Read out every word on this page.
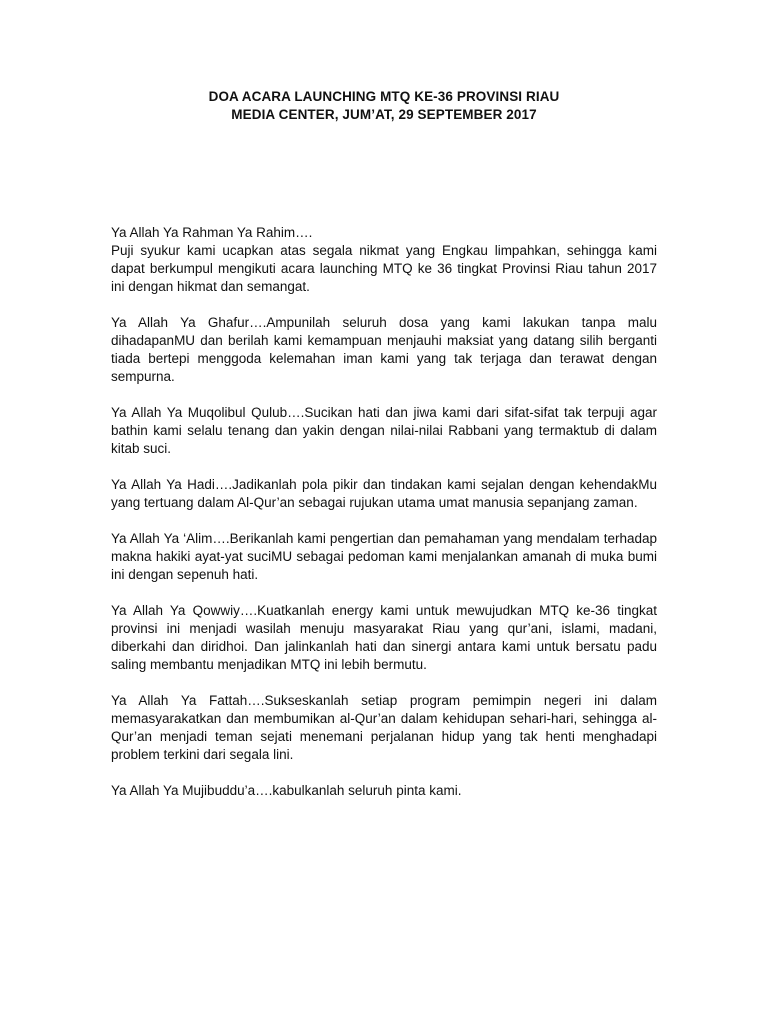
DOA ACARA LAUNCHING MTQ KE-36 PROVINSI RIAU
MEDIA CENTER, JUM’AT, 29 SEPTEMBER 2017

Ya Allah Ya Rahman Ya Rahim….

Puji syukur kami ucapkan atas segala nikmat yang Engkau limpahkan, sehingga kami dapat berkumpul mengikuti acara launching MTQ ke 36 tingkat Provinsi Riau tahun 2017 ini dengan hikmat dan semangat.

Ya Allah Ya Ghafur….Ampunilah seluruh dosa yang kami lakukan tanpa malu dihadapanMU dan berilah kami kemampuan menjauhi maksiat yang datang silih berganti tiada bertepi menggoda kelemahan iman kami yang tak terjaga dan terawat dengan sempurna.

Ya Allah Ya Muqolibul Qulub….Sucikan hati dan jiwa kami dari sifat-sifat tak terpuji agar bathin kami selalu tenang dan yakin dengan nilai-nilai Rabbani yang termaktub di dalam kitab suci.

Ya Allah Ya Hadi….Jadikanlah pola pikir dan tindakan kami sejalan dengan kehendakMu yang tertuang dalam Al-Qur’an sebagai rujukan utama umat manusia sepanjang zaman.

Ya Allah Ya ‘Alim….Berikanlah kami pengertian dan pemahaman yang mendalam terhadap makna hakiki ayat-yat suciMU sebagai pedoman kami menjalankan amanah di muka bumi ini dengan sepenuh hati.

Ya Allah Ya Qowwiy….Kuatkanlah energy kami untuk mewujudkan MTQ ke-36 tingkat provinsi ini menjadi wasilah menuju masyarakat Riau yang qur’ani, islami, madani, diberkahi dan diridhoi. Dan jalinkanlah hati dan sinergi antara kami untuk bersatu padu saling membantu menjadikan MTQ ini lebih bermutu.

Ya Allah Ya Fattah….Sukseskanlah setiap program pemimpin negeri ini dalam memasyarakatkan dan membumikan al-Qur’an dalam kehidupan sehari-hari, sehingga al-Qur’an menjadi teman sejati menemani perjalanan hidup yang tak henti menghadapi problem terkini dari segala lini.

Ya Allah Ya Mujibuddu’a….kabulkanlah seluruh pinta kami.
